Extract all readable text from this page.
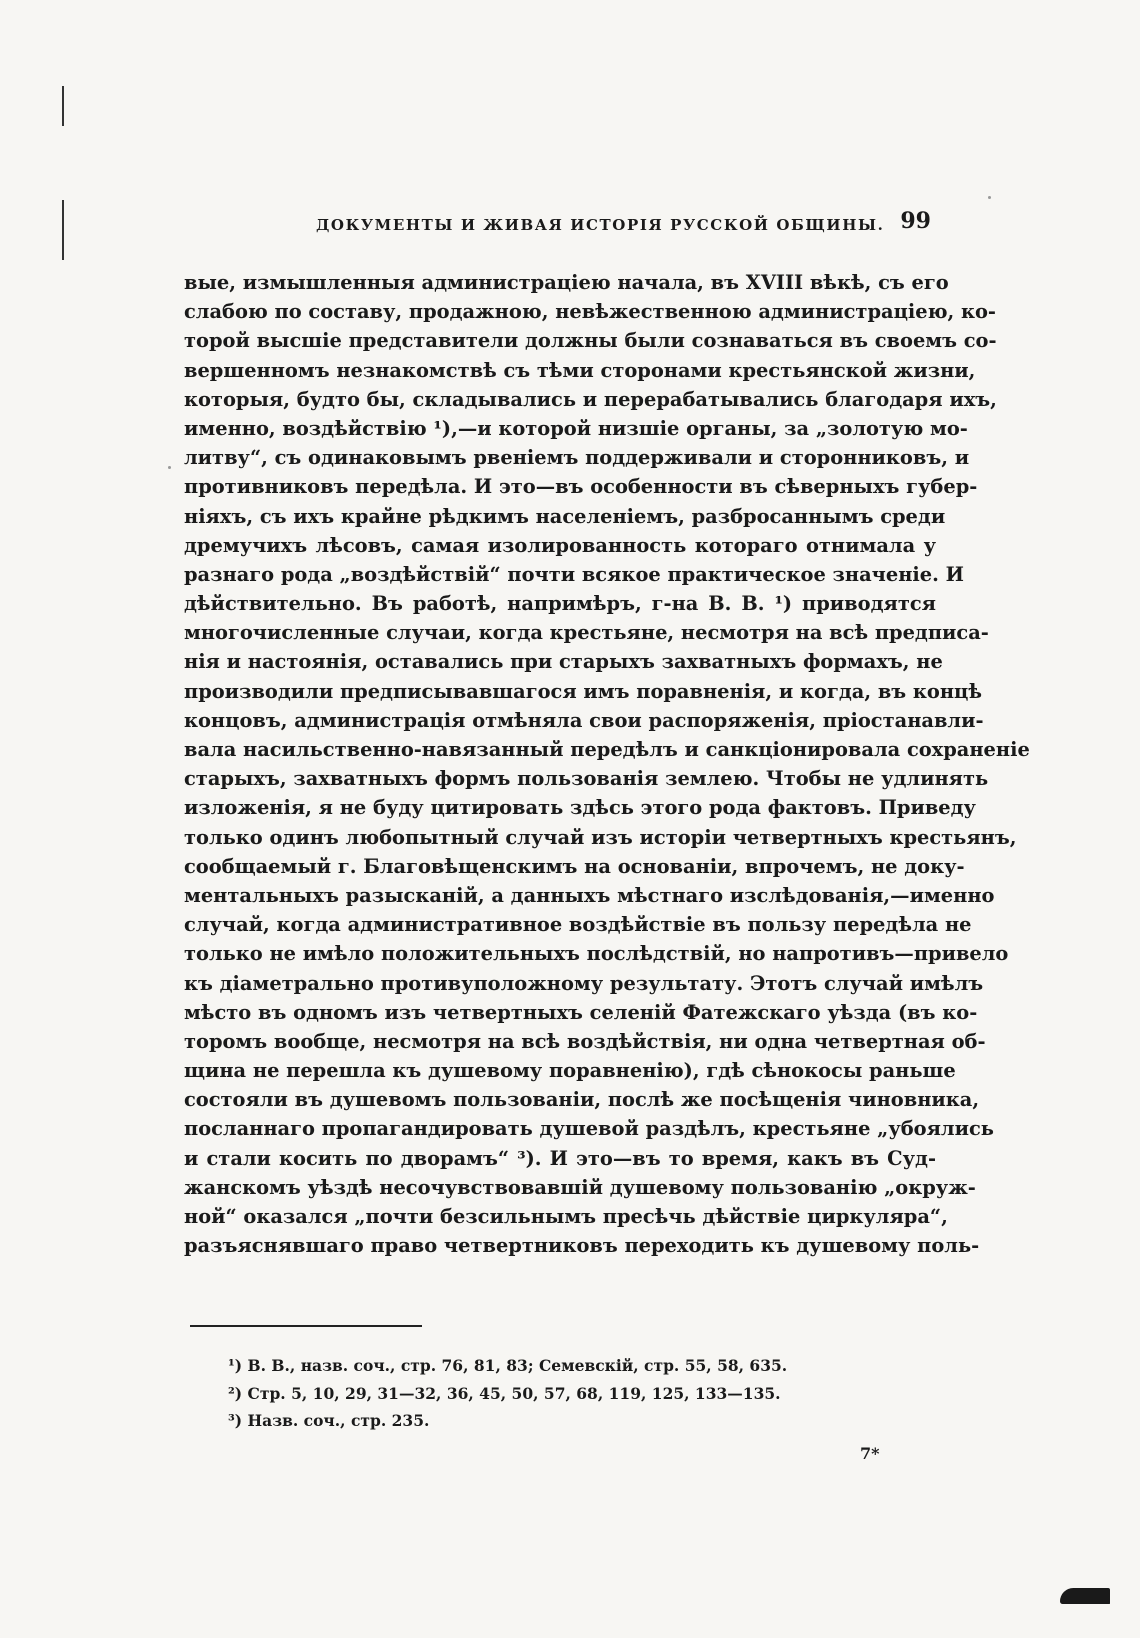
ДОКУМЕНТЫ И ЖИВАЯ ИСТОРІЯ РУССКОЙ ОБЩИНЫ. 99
вые, измышленныя администраціею начала, въ XVIII вѣкѣ, съ его
слабою по составу, продажною, невѣжественною администраціею, ко-
торой высшіе представители должны были сознаваться въ своемъ со-
вершенномъ незнакомствѣ съ тѣми сторонами крестьянской жизни,
которыя, будто бы, складывались и перерабатывались благодаря ихъ,
именно, воздѣйствію ¹),—и которой низшіе органы, за „золотую мо-
литву“, съ одинаковымъ рвеніемъ поддерживали и сторонниковъ, и
противниковъ передѣла. И это—въ особенности въ сѣверныхъ губер-
ніяхъ, съ ихъ крайне рѣдкимъ населеніемъ, разбросаннымъ среди
дремучихъ лѣсовъ, самая изолированность котораго отнимала у
разнаго рода „воздѣйствій“ почти всякое практическое значеніе. И
дѣйствительно. Въ работѣ, напримѣръ, г-на В. В. ¹) приводятся
многочисленные случаи, когда крестьяне, несмотря на всѣ предписа-
нія и настоянія, оставались при старыхъ захватныхъ формахъ, не
производили предписывавшагося имъ поравненія, и когда, въ концѣ
концовъ, администрація отмѣняла свои распоряженія, пріостанавли-
вала насильственно-навязанный передѣлъ и санкціонировала сохраненіе
старыхъ, захватныхъ формъ пользованія землею. Чтобы не удлинять
изложенія, я не буду цитировать здѣсь этого рода фактовъ. Приведу
только одинъ любопытный случай изъ исторіи четвертныхъ крестьянъ,
сообщаемый г. Благовѣщенскимъ на основаніи, впрочемъ, не доку-
ментальныхъ разысканій, а данныхъ мѣстнаго изслѣдованія,—именно
случай, когда административное воздѣйствіе въ пользу передѣла не
только не имѣло положительныхъ послѣдствій, но напротивъ—привело
къ діаметрально противуположному результату. Этотъ случай имѣлъ
мѣсто въ одномъ изъ четвертныхъ селеній Фатежскаго уѣзда (въ ко-
торомъ вообще, несмотря на всѣ воздѣйствія, ни одна четвертная об-
щина не перешла къ душевому поравненію), гдѣ сѣнокосы раньше
состояли въ душевомъ пользованіи, послѣ же посѣщенія чиновника,
посланнаго пропагандировать душевой раздѣлъ, крестьяне „убоялись
и стали косить по дворамъ“ ³). И это—въ то время, какъ въ Суд-
жанскомъ уѣздѣ несочувствовавшій душевому пользованію „окруж-
ной“ оказался „почти безсильнымъ пресѣчь дѣйствіе циркуляра“,
разъяснявшаго право четвертниковъ переходить къ душевому поль-
¹) В. В., назв. соч., стр. 76, 81, 83; Семевскій, стр. 55, 58, 635.
²) Стр. 5, 10, 29, 31—32, 36, 45, 50, 57, 68, 119, 125, 133—135.
³) Назв. соч., стр. 235.
7*
